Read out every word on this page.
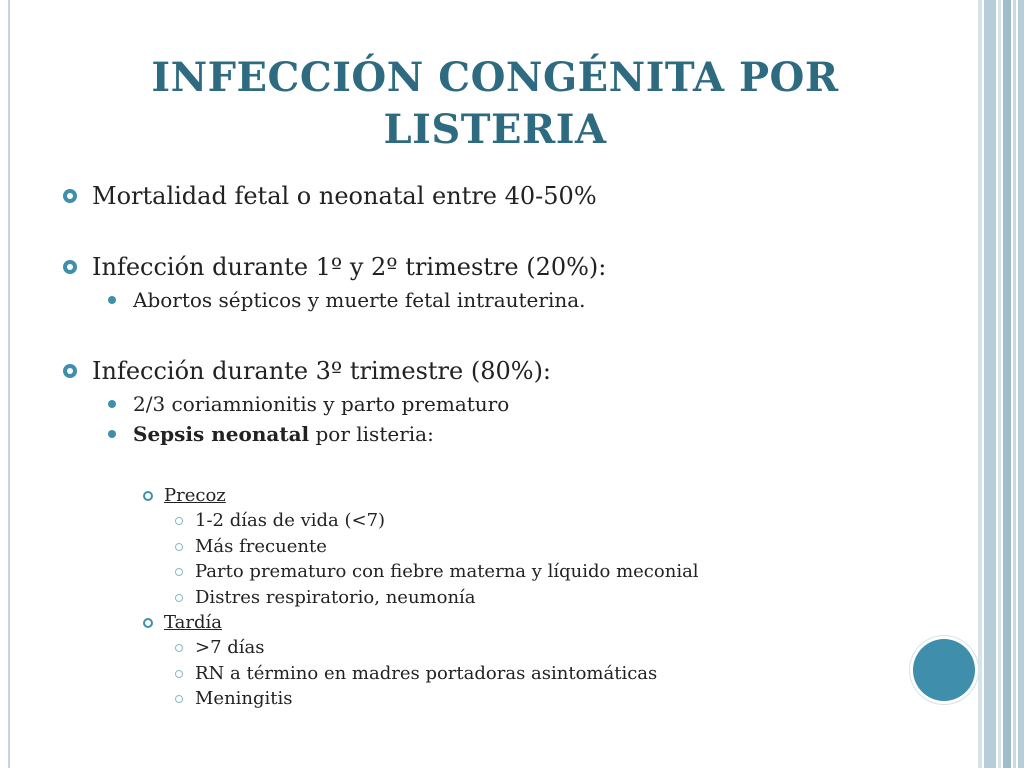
INFECCIÓN CONGÉNITA POR LISTERIA
Mortalidad fetal o neonatal entre 40-50%
Infección durante 1º y 2º trimestre (20%):
Abortos sépticos y muerte fetal intrauterina.
Infección durante 3º trimestre (80%):
2/3 coriamnionitis y parto prematuro
Sepsis neonatal por listeria:
Precoz
1-2 días de vida (<7)
Más frecuente
Parto prematuro con fiebre materna y líquido meconial
Distres respiratorio, neumonía
Tardía
>7 días
RN a término en madres portadoras asintomáticas
Meningitis
